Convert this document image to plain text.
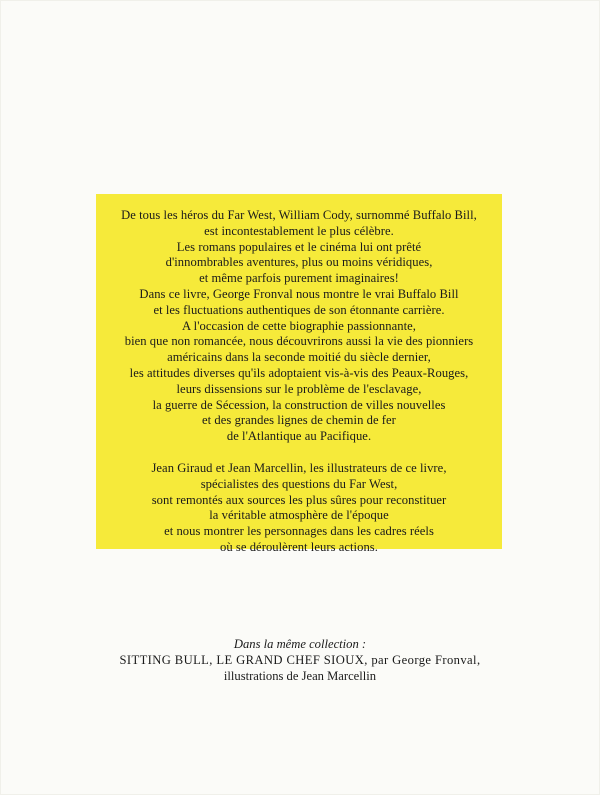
De tous les héros du Far West, William Cody, surnommé Buffalo Bill,
est incontestablement le plus célèbre.
Les romans populaires et le cinéma lui ont prêté
d'innombrables aventures, plus ou moins véridiques,
et même parfois purement imaginaires!
Dans ce livre, George Fronval nous montre le vrai Buffalo Bill
et les fluctuations authentiques de son étonnante carrière.
A l'occasion de cette biographie passionnante,
bien que non romancée, nous découvrirons aussi la vie des pionniers
américains dans la seconde moitié du siècle dernier,
les attitudes diverses qu'ils adoptaient vis-à-vis des Peaux-Rouges,
leurs dissensions sur le problème de l'esclavage,
la guerre de Sécession, la construction de villes nouvelles
et des grandes lignes de chemin de fer
de l'Atlantique au Pacifique.
Jean Giraud et Jean Marcellin, les illustrateurs de ce livre,
spécialistes des questions du Far West,
sont remontés aux sources les plus sûres pour reconstituer
la véritable atmosphère de l'époque
et nous montrer les personnages dans les cadres réels
où se déroulèrent leurs actions.
Dans la même collection :
SITTING BULL, LE GRAND CHEF SIOUX, par George Fronval,
illustrations de Jean Marcellin
